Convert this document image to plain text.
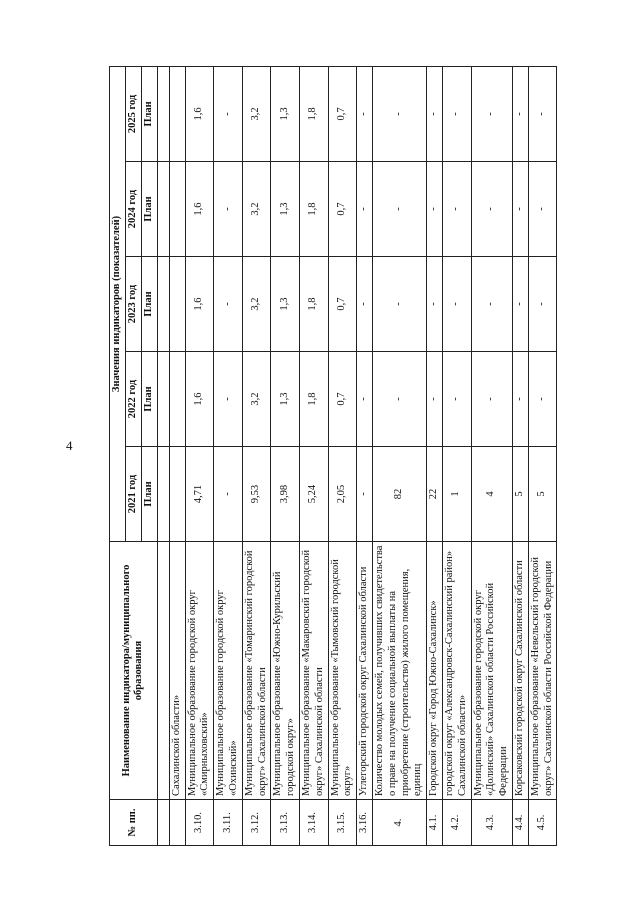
4
№ пп.	Наименование индикатора/муниципального образования	Значения индикаторов (показателей)				
		2021 год	2022 год	2023 год	2024 год	2025 год
		План	План	План	План	План

	Сахалинской области»					
3.10.	Муниципальное образование городской округ «Смирныховский»	4,71	1,6	1,6	1,6	1,6
3.11.	Муниципальное образование городской округ «Охинский»	-	-	-	-	-
3.12.	Муниципальное образование «Томаринский городской округ» Сахалинской области	9,53	3,2	3,2	3,2	3,2
3.13.	Муниципальное образование «Южно-Курильский городской округ»	3,98	1,3	1,3	1,3	1,3
3.14.	Муниципальное образование «Макаровский городской округ» Сахалинской области	5,24	1,8	1,8	1,8	1,8
3.15.	Муниципальное образование «Тымовский городской округ»	2,05	0,7	0,7	0,7	0,7
3.16.	Углегорский городской округ Сахалинской области	-	-	-	-	-
4.	Количество молодых семей, получивших свидетельства о праве на получение социальной выплаты на приобретение (строительство) жилого помещения, единиц	82	-	-	-	-
4.1.	Городской округ «Город Южно-Сахалинск»	22	-	-	-	-
4.2.	городской округ «Александровск-Сахалинский район» Сахалинской области»	1	-	-	-	-
4.3.	Муниципальное образование городской округ «Долинский» Сахалинской области Российской Федерации	4	-	-	-	-
4.4.	Корсаковский городской округ Сахалинской области	5	-	-	-	-
4.5.	Муниципальное образование «Невельский городской округ» Сахалинской области Российской Федерации	5	-	-	-	-
